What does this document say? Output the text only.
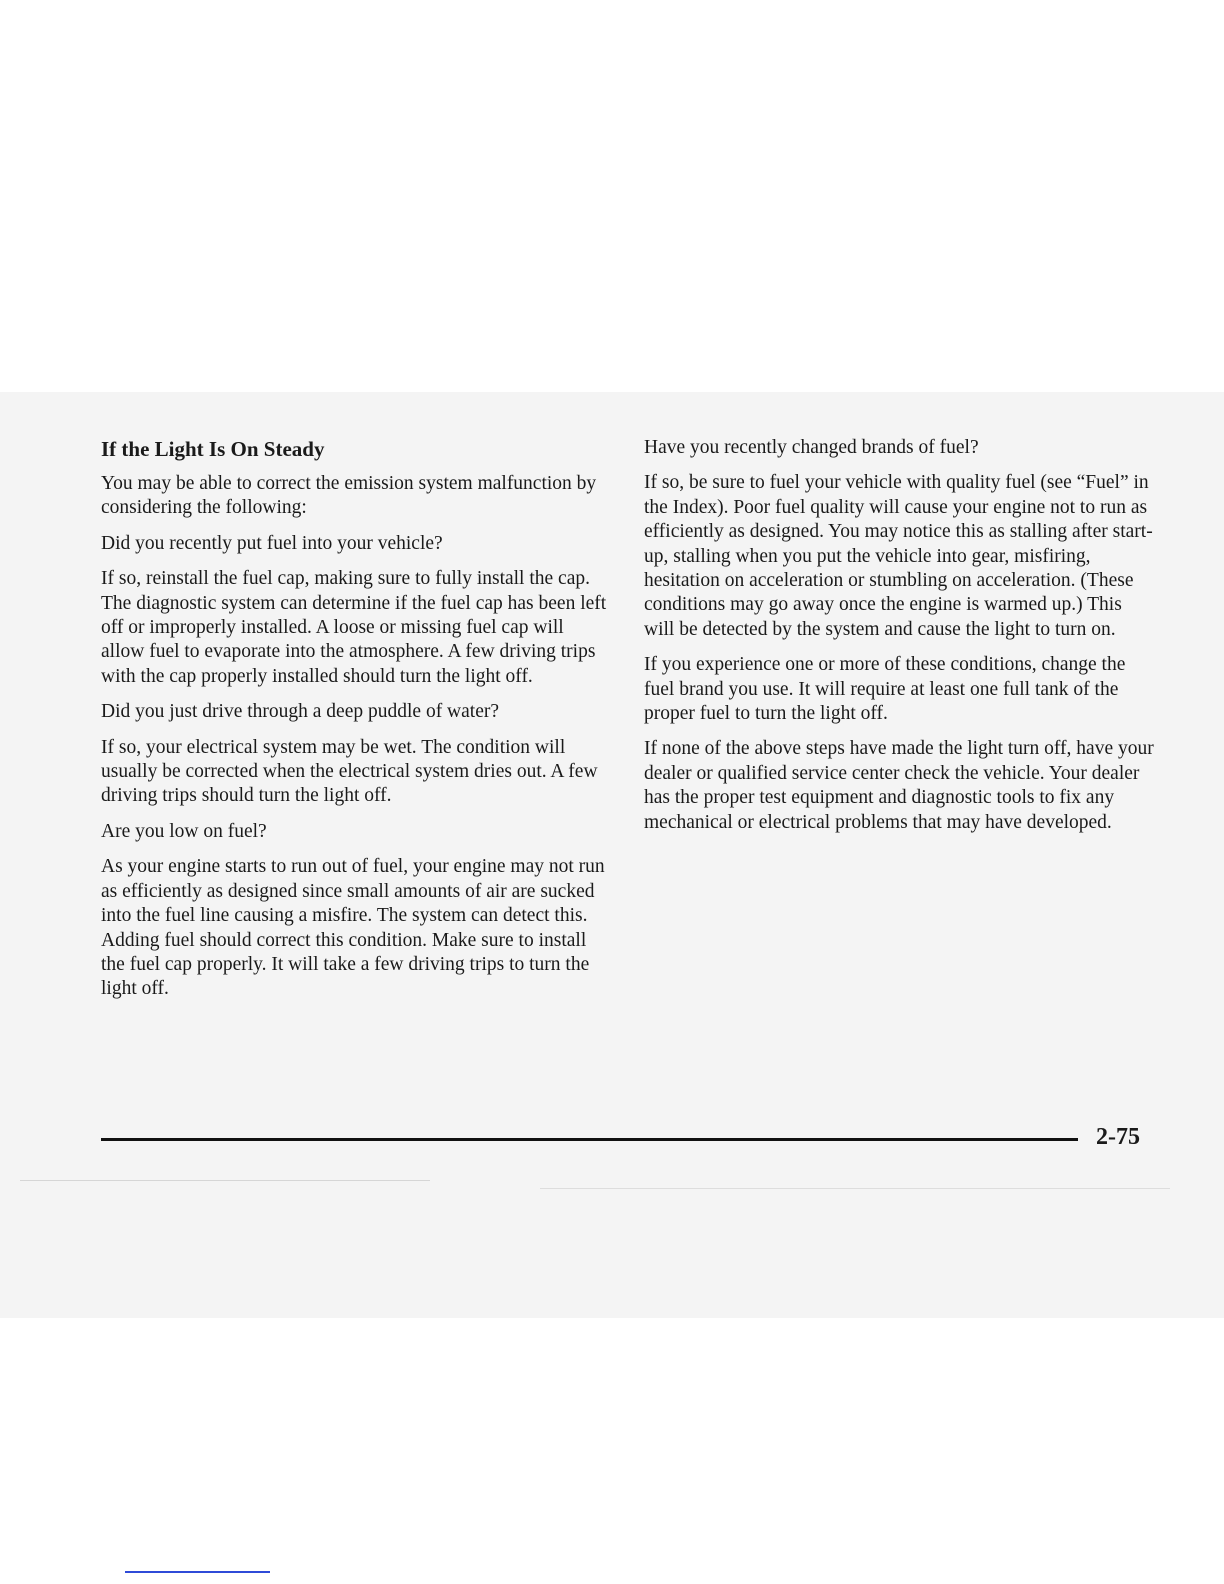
If the Light Is On Steady

You may be able to correct the emission system malfunction by considering the following:

Did you recently put fuel into your vehicle?

If so, reinstall the fuel cap, making sure to fully install the cap. The diagnostic system can determine if the fuel cap has been left off or improperly installed. A loose or missing fuel cap will allow fuel to evaporate into the atmosphere. A few driving trips with the cap properly installed should turn the light off.

Did you just drive through a deep puddle of water?

If so, your electrical system may be wet. The condition will usually be corrected when the electrical system dries out. A few driving trips should turn the light off.

Are you low on fuel?

As your engine starts to run out of fuel, your engine may not run as efficiently as designed since small amounts of air are sucked into the fuel line causing a misfire. The system can detect this. Adding fuel should correct this condition. Make sure to install the fuel cap properly. It will take a few driving trips to turn the light off.

Have you recently changed brands of fuel?

If so, be sure to fuel your vehicle with quality fuel (see “Fuel” in the Index). Poor fuel quality will cause your engine not to run as efficiently as designed. You may notice this as stalling after start-up, stalling when you put the vehicle into gear, misfiring, hesitation on acceleration or stumbling on acceleration. (These conditions may go away once the engine is warmed up.) This will be detected by the system and cause the light to turn on.

If you experience one or more of these conditions, change the fuel brand you use. It will require at least one full tank of the proper fuel to turn the light off.

If none of the above steps have made the light turn off, have your dealer or qualified service center check the vehicle. Your dealer has the proper test equipment and diagnostic tools to fix any mechanical or electrical problems that may have developed.

2-75
